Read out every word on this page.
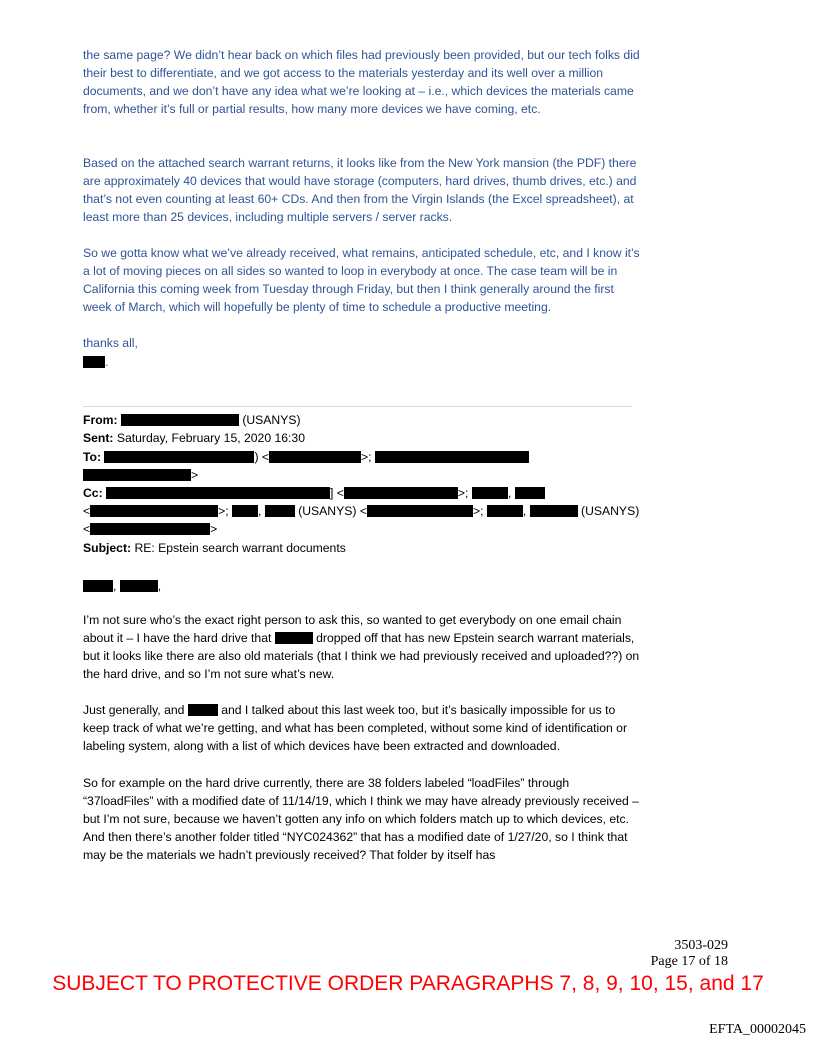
the same page? We didn’t hear back on which files had previously been provided, but our tech folks did their best to differentiate, and we got access to the materials yesterday and its well over a million documents, and we don’t have any idea what we’re looking at – i.e., which devices the materials came from, whether it’s full or partial results, how many more devices we have coming, etc.
Based on the attached search warrant returns, it looks like from the New York mansion (the PDF) there are approximately 40 devices that would have storage (computers, hard drives, thumb drives, etc.) and that’s not even counting at least 60+ CDs. And then from the Virgin Islands (the Excel spreadsheet), at least more than 25 devices, including multiple servers / server racks.
So we gotta know what we’ve already received, what remains, anticipated schedule, etc, and I know it’s a lot of moving pieces on all sides so wanted to loop in everybody at once. The case team will be in California this coming week from Tuesday through Friday, but then I think generally around the first week of March, which will hopefully be plenty of time to schedule a productive meeting.
thanks all,
.
From:	(USANYS)
Sent: Saturday, February 15, 2020 16:30
To:	) <	>;
>
Cc:	] <	>;	,
<	>; ,	(USANYS) <	>;	,	(USANYS)
<	>
Subject: RE: Epstein search warrant documents
,	,
I’m not sure who’s the exact right person to ask this, so wanted to get everybody on one email chain about it – I have the hard drive that	dropped off that has new Epstein search warrant materials, but it looks like there are also old materials (that I think we had previously received and uploaded??) on the hard drive, and so I’m not sure what’s new.
Just generally, and	and I talked about this last week too, but it’s basically impossible for us to keep track of what we’re getting, and what has been completed, without some kind of identification or labeling system, along with a list of which devices have been extracted and downloaded.
So for example on the hard drive currently, there are 38 folders labeled “loadFiles” through “37loadFiles” with a modified date of 11/14/19, which I think we may have already previously received – but I’m not sure, because we haven’t gotten any info on which folders match up to which devices, etc. And then there’s another folder titled “NYC024362” that has a modified date of 1/27/20, so I think that may be the materials we hadn’t previously received? That folder by itself has
3503-029
Page 17 of 18
SUBJECT TO PROTECTIVE ORDER PARAGRAPHS 7, 8, 9, 10, 15, and 17
EFTA_00002045
